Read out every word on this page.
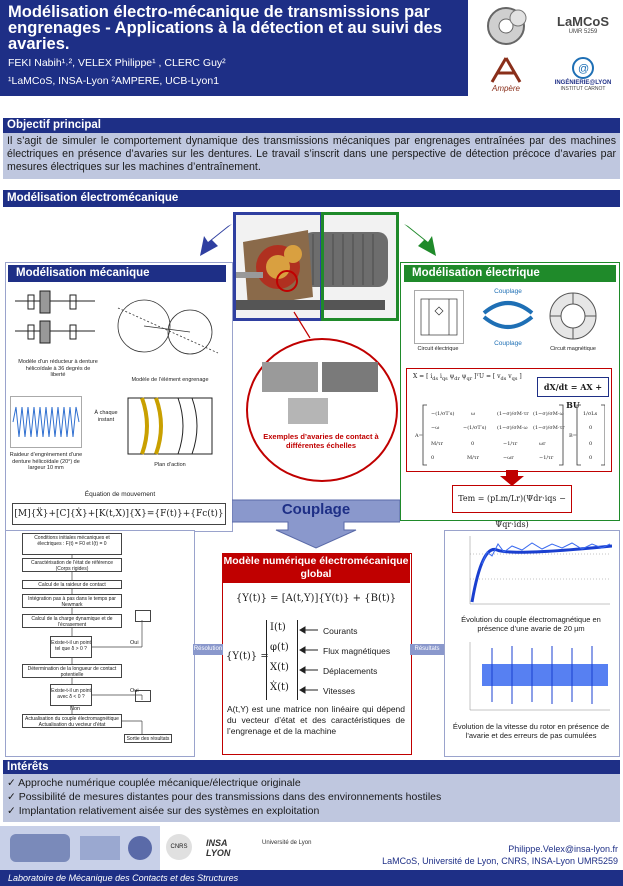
Modélisation électro-mécanique de transmissions par engrenages - Applications à la détection et au suivi des avaries.
FEKI Nabih¹˒², VELEX Philippe¹ , CLERC Guy²
¹LaMCoS, INSA-Lyon ²AMPERE, UCB-Lyon1
LaMCoS
UMR 5259
Ampère
@
INGÉNIERIE@LYON
INSTITUT CARNOT
Objectif principal
Il s’agit de simuler le comportement dynamique des transmissions mécaniques par engrenages entraînées par des machines électriques en présence d’avaries sur les dentures. Le travail s’inscrit dans une perspective de détection précoce d’avaries par mesures électriques sur les machines d’entraînement.
Modélisation électromécanique
Modélisation mécanique
Modèle d’un réducteur à denture hélicoïdale à 36 degrés de liberté
Modèle de l’élément engrenage
Raideur d’engrènement d’une denture hélicoïdale (20°) de largeur 10 mm
À chaque instant
Plan d’action
Équation de mouvement
[M]{Ẍ}+[C]{Ẋ}+[K(t,X)]{X}={F(t)}+{Fc(t)}
Exemples d’avaries de contact à différentes échelles
Modélisation électrique
Circuit électrique
Couplage
Couplage
Circuit magnétique
X = [ $i_{ds}$ $i_{qs}$ $\psi_{dr}$ $\psi_{qr}$ ]ᵀ U = [ $v_{ds}$ $v_{qs}$ ]
dX/dt = AX + BU
A=
−(1/σT′s)	ω	(1−σ)/σM·τr (1−σ)/σM·ω
−ω	−(1/σT′s) (1−σ)/σM·ω (1−σ)/σM·τr
M/τr	0	−1/τr	ωr
0	M/τr	−ωr	−1/τr
B=
1/σLs
0
0
0
Tem = (pLm/Lr)(Ψdr·iqs − Ψqr·ids)
Couplage
Conditions initiales mécaniques et électriques : F(t) = F0 et I(t) = 0
Caractérisation de l’état de référence (Corps rigides)
Calcul de la raideur de contact
Intégration pas à pas dans le temps par Newmark
Calcul de la charge dynamique et de l’écrasement
Existe-t-il un point tel que δ > 0 ?
Détermination de la longueur de contact potentielle
Existe-t-il un point avec δ < 0 ?
Actualisation du couple électromagnétique Actualisation du vecteur d’état
Sortie des résultats
Oui
Oui
Non
Modèle numérique électromécanique global
{Y(t)} = [A(t,Y)]{Y(t)} + {B(t)}
{Y(t)} =
I(t)
φ(t)
X(t)
Ẋ(t)
Courants
Flux magnétiques
Déplacements
Vitesses
A(t,Y) est une matrice non linéaire qui dépend du vecteur d’état et des caractéristiques de l’engrenage et de la machine
Résolution	Résultats
Évolution du couple électromagnétique en présence d’une avarie de 20 µm
Évolution de la vitesse du rotor en présence de l’avarie et des erreurs de pas cumulées
Intérêts
✓ Approche numérique couplée mécanique/électrique originale
✓ Possibilité de mesures distantes pour des transmissions dans des environnements hostiles
✓ Implantation relativement aisée sur des systèmes en exploitation
CNRS	INSA LYON
Université de Lyon
Philippe.Velex@insa-lyon.fr
LaMCoS, Université de Lyon, CNRS, INSA-Lyon UMR5259
Laboratoire de Mécanique des Contacts et des Structures
